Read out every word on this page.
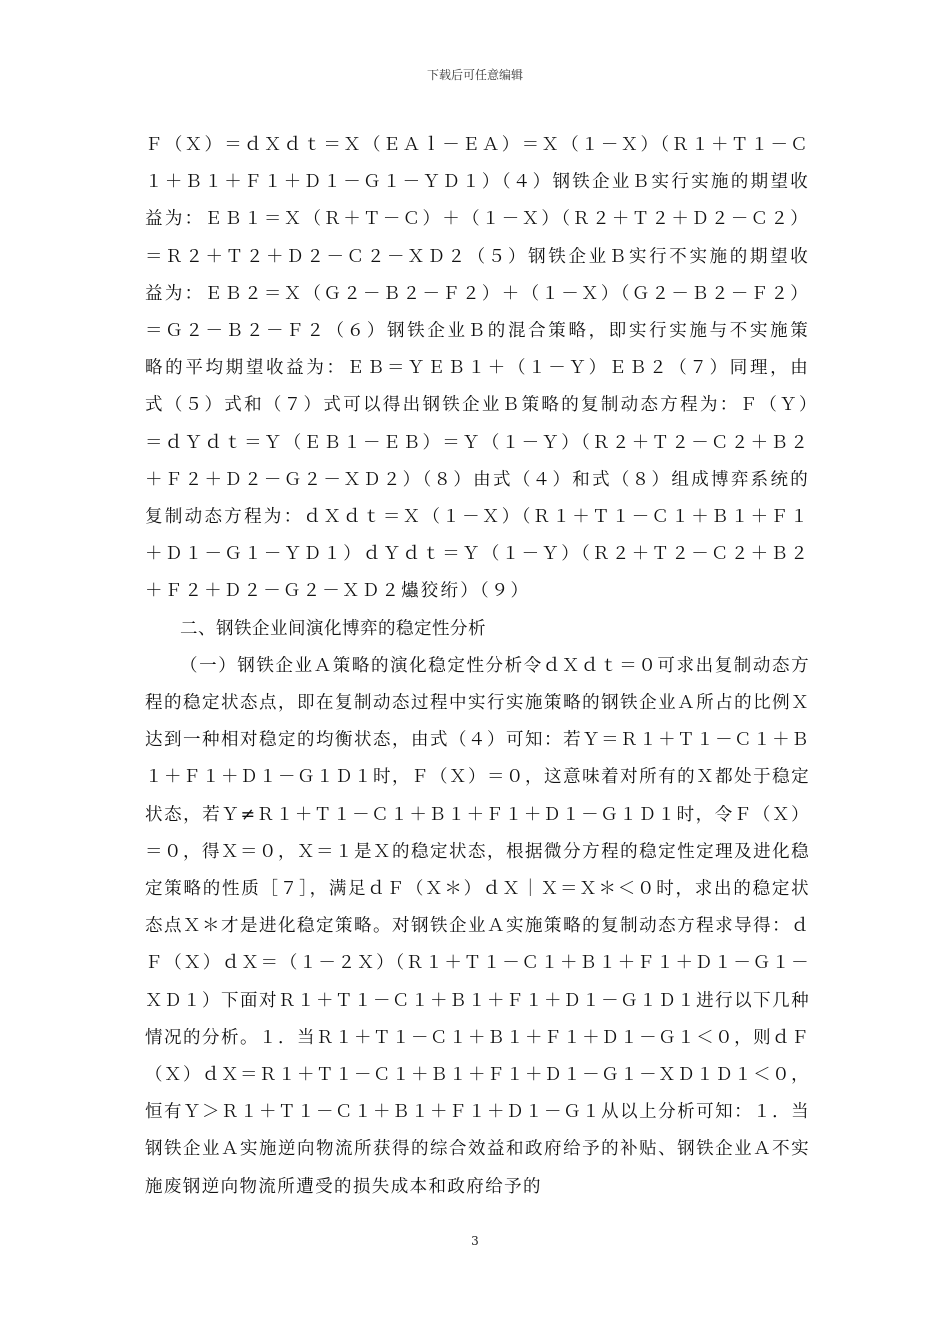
下载后可任意编辑

Ｆ（Ｘ）＝ｄＸｄｔ＝Ｘ（ＥＡｌ－ＥＡ）＝Ｘ（１－Ｘ）（Ｒ１＋Ｔ１－Ｃ１＋Ｂ１＋Ｆ１＋Ｄ１－Ｇ１－ＹＤ１）（４）钢铁企业Ｂ实行实施的期望收益为：ＥＢ１＝Ｘ（Ｒ＋Ｔ－Ｃ）＋（１－Ｘ）（Ｒ２＋Ｔ２＋Ｄ２－Ｃ２）＝Ｒ２＋Ｔ２＋Ｄ２－Ｃ２－ＸＤ２（５）钢铁企业Ｂ实行不实施的期望收益为：ＥＢ２＝Ｘ（Ｇ２－Ｂ２－Ｆ２）＋（１－Ｘ）（Ｇ２－Ｂ２－Ｆ２）＝Ｇ２－Ｂ２－Ｆ２（６）钢铁企业Ｂ的混合策略，即实行实施与不实施策略的平均期望收益为：ＥＢ＝ＹＥＢ１＋（１－Ｙ）ＥＢ２（７）同理，由式（５）式和（７）式可以得出钢铁企业Ｂ策略的复制动态方程为：Ｆ（Ｙ）＝ｄＹｄｔ＝Ｙ（ＥＢ１－ＥＢ）＝Ｙ（１－Ｙ）（Ｒ２＋Ｔ２－Ｃ２＋Ｂ２＋Ｆ２＋Ｄ２－Ｇ２－ＸＤ２）（８）由式（４）和式（８）组成博弈系统的复制动态方程为：ｄＸｄｔ＝Ｘ（１－Ｘ）（Ｒ１＋Ｔ１－Ｃ１＋Ｂ１＋Ｆ１＋Ｄ１－Ｇ１－ＹＤ１）ｄＹｄｔ＝Ｙ（１－Ｙ）（Ｒ２＋Ｔ２－Ｃ２＋Ｂ２＋Ｆ２＋Ｄ２－Ｇ２－ＸＤ２爞狡绗）（９）

二、钢铁企业间演化博弈的稳定性分析

（一）钢铁企业Ａ策略的演化稳定性分析令ｄＸｄｔ＝０可求出复制动态方程的稳定状态点，即在复制动态过程中实行实施策略的钢铁企业Ａ所占的比例Ｘ达到一种相对稳定的均衡状态，由式（４）可知：若Ｙ＝Ｒ１＋Ｔ１－Ｃ１＋Ｂ１＋Ｆ１＋Ｄ１－Ｇ１Ｄ１时，Ｆ（Ｘ）＝０，这意味着对所有的Ｘ都处于稳定状态，若Ｙ≠Ｒ１＋Ｔ１－Ｃ１＋Ｂ１＋Ｆ１＋Ｄ１－Ｇ１Ｄ１时，令Ｆ（Ｘ）＝０，得Ｘ＝０，Ｘ＝１是Ｘ的稳定状态，根据微分方程的稳定性定理及进化稳定策略的性质［７］，满足ｄＦ（Ｘ＊）ｄＸ｜Ｘ＝Ｘ＊＜０时，求出的稳定状态点Ｘ＊才是进化稳定策略。对钢铁企业Ａ实施策略的复制动态方程求导得：ｄＦ（Ｘ）ｄＸ＝（１－２Ｘ）（Ｒ１＋Ｔ１－Ｃ１＋Ｂ１＋Ｆ１＋Ｄ１－Ｇ１－ＸＤ１）下面对Ｒ１＋Ｔ１－Ｃ１＋Ｂ１＋Ｆ１＋Ｄ１－Ｇ１Ｄ１进行以下几种情况的分析。１．当Ｒ１＋Ｔ１－Ｃ１＋Ｂ１＋Ｆ１＋Ｄ１－Ｇ１＜０，则ｄＦ（Ｘ）ｄＸ＝Ｒ１＋Ｔ１－Ｃ１＋Ｂ１＋Ｆ１＋Ｄ１－Ｇ１－ＸＤ１Ｄ１＜０，恒有Ｙ＞Ｒ１＋Ｔ１－Ｃ１＋Ｂ１＋Ｆ１＋Ｄ１－Ｇ１从以上分析可知：１．当钢铁企业Ａ实施逆向物流所获得的综合效益和政府给予的补贴、钢铁企业Ａ不实施废钢逆向物流所遭受的损失成本和政府给予的

3
